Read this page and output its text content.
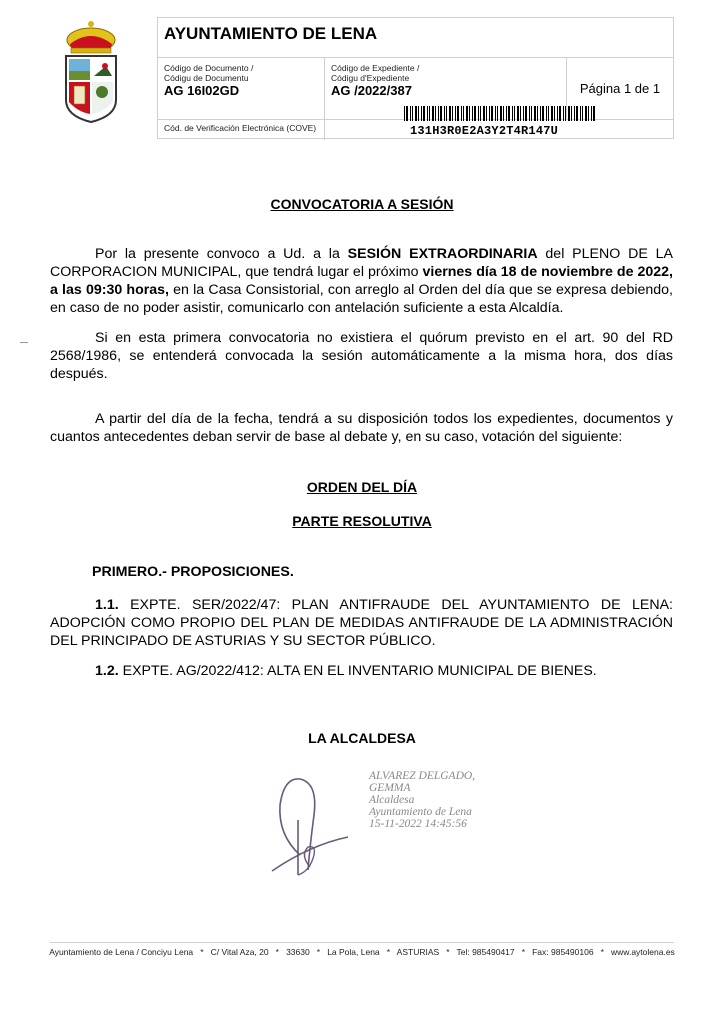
AYUNTAMIENTO DE LENA
Código de Documento /
Códigu de Documentu
AG 16I02GD
Código de Expediente /
Códigu d'Expediente
AG /2022/387	Página 1 de 1
Cód. de Verificación Electrónica (COVE)	131H3R0E2A3Y2T4R147U
CONVOCATORIA A SESIÓN
Por la presente convoco a Ud. a la SESIÓN EXTRAORDINARIA del PLENO DE LA CORPORACION MUNICIPAL, que tendrá lugar el próximo viernes día 18 de noviembre de 2022, a las 09:30 horas, en la Casa Consistorial, con arreglo al Orden del día que se expresa debiendo, en caso de no poder asistir, comunicarlo con antelación suficiente a esta Alcaldía.
Si en esta primera convocatoria no existiera el quórum previsto en el art. 90 del RD 2568/1986, se entenderá convocada la sesión automáticamente a la misma hora, dos días después.
A partir del día de la fecha, tendrá a su disposición todos los expedientes, documentos y cuantos antecedentes deban servir de base al debate y, en su caso, votación del siguiente:
ORDEN DEL DÍA
PARTE RESOLUTIVA
PRIMERO.- PROPOSICIONES.
1.1. EXPTE. SER/2022/47: PLAN ANTIFRAUDE DEL AYUNTAMIENTO DE LENA: ADOPCIÓN COMO PROPIO DEL PLAN DE MEDIDAS ANTIFRAUDE DE LA ADMINISTRACIÓN DEL PRINCIPADO DE ASTURIAS Y SU SECTOR PÚBLICO.
1.2. EXPTE. AG/2022/412: ALTA EN EL INVENTARIO MUNICIPAL DE BIENES.
LA ALCALDESA
ALVAREZ DELGADO,
GEMMA
Alcaldesa
Ayuntamiento de Lena
15-11-2022 14:45:56
Ayuntamiento de Lena / Conciyu Lena   *   C/ Vital Aza, 20   *   33630   *   La Pola, Lena   *   ASTURIAS   *   Tel: 985490417   *   Fax: 985490106   *   www.aytolena.es
